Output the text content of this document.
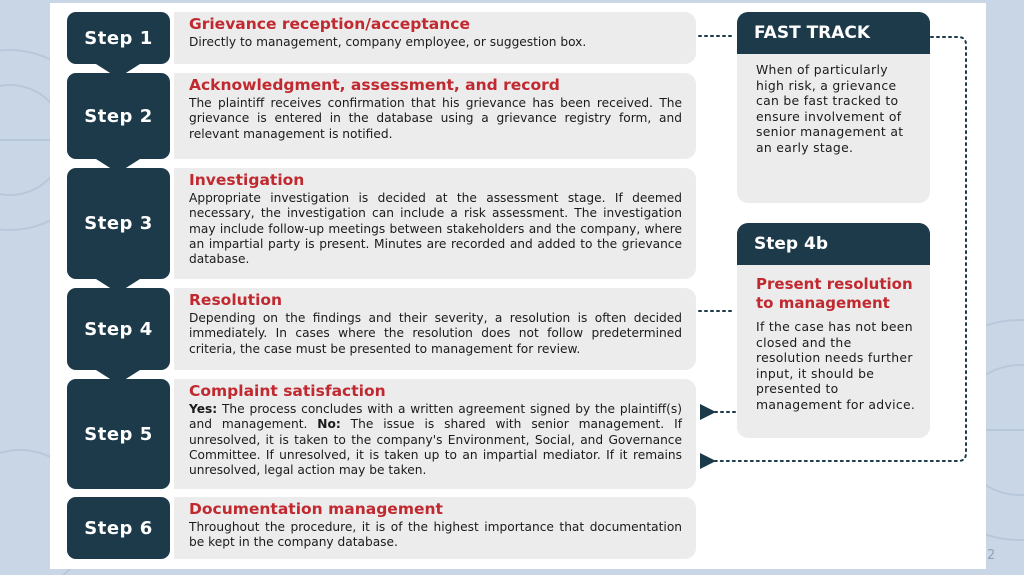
Step 1
Step 2
Step 3
Step 4
Step 5
Step 6
Grievance reception/acceptance
Directly to management, company employee, or suggestion box.
Acknowledgment, assessment, and record
The plaintiff receives confirmation that his grievance has been received. The grievance is entered in the database using a grievance registry form, and relevant management is notified.
Investigation
Appropriate investigation is decided at the assessment stage. If deemed necessary, the investigation can include a risk assessment. The investigation may include follow-up meetings between stakeholders and the company, where an impartial party is present. Minutes are recorded and added to the grievance database.
Resolution
Depending on the findings and their severity, a resolution is often decided immediately. In cases where the resolution does not follow predetermined criteria, the case must be presented to management for review.
Complaint satisfaction
Yes: The process concludes with a written agreement signed by the plaintiff(s) and management. No: The issue is shared with senior management. If unresolved, it is taken to the company's Environment, Social, and Governance Committee. If unresolved, it is taken up to an impartial mediator. If it remains unresolved, legal action may be taken.
Documentation management
Throughout the procedure, it is of the highest importance that documentation be kept in the company database.
FAST TRACK
When of particularly high risk, a grievance can be fast tracked to ensure involvement of senior management at an early stage.
Step 4b
Present resolution to management
If the case has not been closed and the resolution needs further input, it should be presented to management for advice.
2
